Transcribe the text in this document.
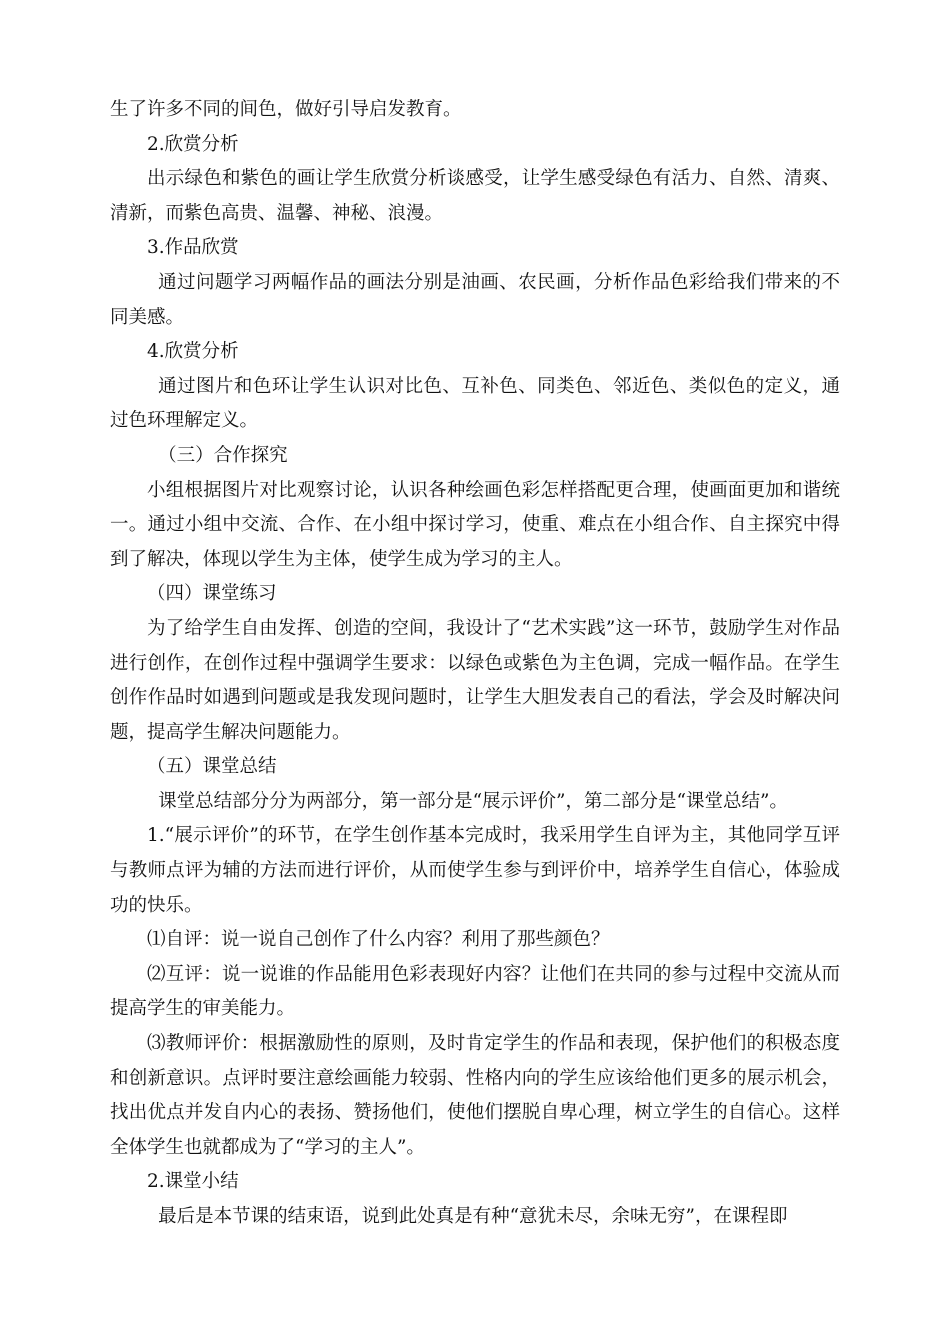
生了许多不同的间色，做好引导启发教育。

2.欣赏分析

出示绿色和紫色的画让学生欣赏分析谈感受，让学生感受绿色有活力、自然、清爽、清新，而紫色高贵、温馨、神秘、浪漫。

3.作品欣赏

通过问题学习两幅作品的画法分别是油画、农民画，分析作品色彩给我们带来的不同美感。

4.欣赏分析

通过图片和色环让学生认识对比色、互补色、同类色、邻近色、类似色的定义，通过色环理解定义。

（三）合作探究

小组根据图片对比观察讨论，认识各种绘画色彩怎样搭配更合理，使画面更加和谐统一。通过小组中交流、合作、在小组中探讨学习，使重、难点在小组合作、自主探究中得到了解决，体现以学生为主体，使学生成为学习的主人。

（四）课堂练习

为了给学生自由发挥、创造的空间，我设计了“艺术实践”这一环节，鼓励学生对作品进行创作，在创作过程中强调学生要求：以绿色或紫色为主色调，完成一幅作品。在学生创作作品时如遇到问题或是我发现问题时，让学生大胆发表自己的看法，学会及时解决问题，提高学生解决问题能力。

（五）课堂总结

课堂总结部分分为两部分，第一部分是“展示评价”，第二部分是“课堂总结”。

1.“展示评价”的环节，在学生创作基本完成时，我采用学生自评为主，其他同学互评与教师点评为辅的方法而进行评价，从而使学生参与到评价中，培养学生自信心，体验成功的快乐。

⑴自评：说一说自己创作了什么内容？利用了那些颜色？

⑵互评：说一说谁的作品能用色彩表现好内容？让他们在共同的参与过程中交流从而提高学生的审美能力。

⑶教师评价：根据激励性的原则，及时肯定学生的作品和表现，保护他们的积极态度和创新意识。点评时要注意绘画能力较弱、性格内向的学生应该给他们更多的展示机会，找出优点并发自内心的表扬、赞扬他们，使他们摆脱自卑心理，树立学生的自信心。这样全体学生也就都成为了“学习的主人”。

2.课堂小结

最后是本节课的结束语，说到此处真是有种“意犹未尽，余味无穷”，在课程即
